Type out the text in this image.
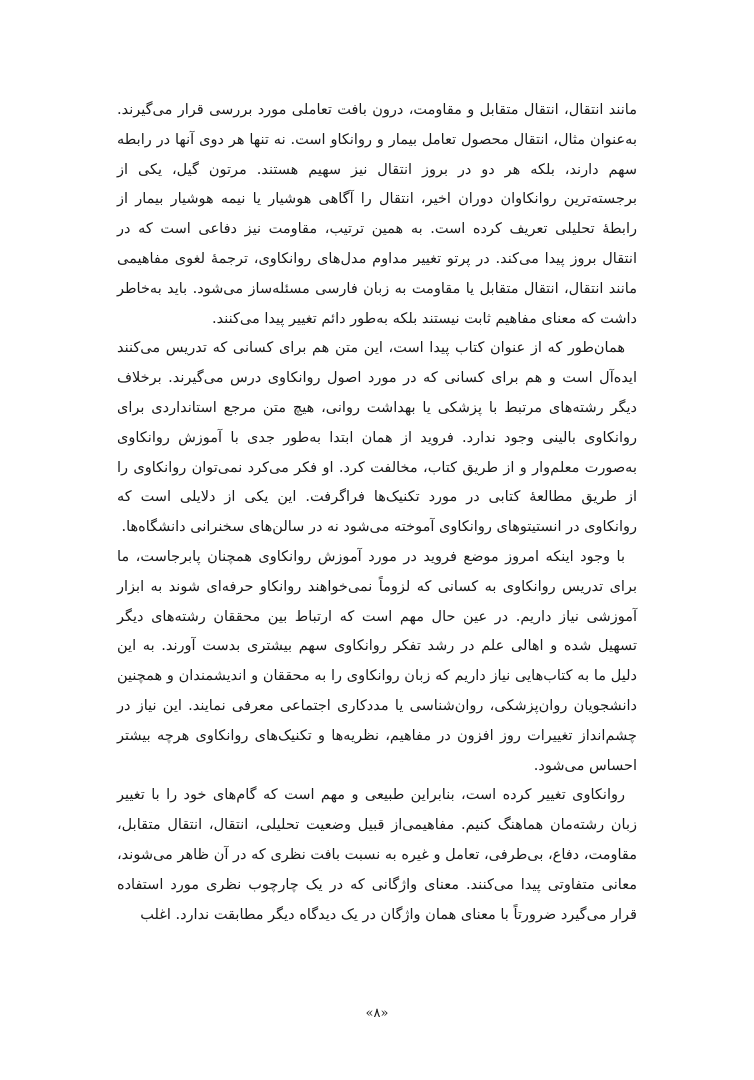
مانند انتقال، انتقال متقابل و مقاومت، درون بافت تعاملی مورد بررسی قرار می‌گیرند. به‌عنوان مثال، انتقال محصول تعامل بیمار و روانکاو است. نه تنها هر دوی آنها در رابطه سهم دارند، بلکه هر دو در بروز انتقال نیز سهیم هستند. مرتون گیل، یکی از برجسته‌ترین روانکاوان دوران اخیر، انتقال را آگاهی هوشیار یا نیمه هوشیار بیمار از رابطهٔ تحلیلی تعریف کرده است. به همین ترتیب، مقاومت نیز دفاعی است که در انتقال بروز پیدا می‌کند. در پرتو تغییر مداوم مدل‌های روانکاوی، ترجمهٔ لغوی مفاهیمی مانند انتقال، انتقال متقابل یا مقاومت به زبان فارسی مسئله‌ساز می‌شود. باید به‌خاطر داشت که معنای مفاهیم ثابت نیستند بلکه به‌طور دائم تغییر پیدا می‌کنند.

همان‌طور که از عنوان کتاب پیدا است، این متن هم برای کسانی که تدریس می‌کنند ایده‌آل است و هم برای کسانی که در مورد اصول روانکاوی درس می‌گیرند. برخلاف دیگر رشته‌های مرتبط با پزشکی یا بهداشت روانی، هیچ متن مرجع استانداردی برای روانکاوی بالینی وجود ندارد. فروید از همان ابتدا به‌طور جدی با آموزش روانکاوی به‌صورت معلم‌وار و از طریق کتاب، مخالفت کرد. او فکر می‌کرد نمی‌توان روانکاوی را از طریق مطالعهٔ کتابی در مورد تکنیک‌ها فراگرفت. این یکی از دلایلی است که روانکاوی در انستیتوهای روانکاوی آموخته می‌شود نه در سالن‌های سخنرانی دانشگاه‌ها.

با وجود اینکه امروز موضع فروید در مورد آموزش روانکاوی همچنان پابرجاست، ما برای تدریس روانکاوی به کسانی که لزوماً نمی‌خواهند روانکاو حرفه‌ای شوند به ابزار آموزشی نیاز داریم. در عین حال مهم است که ارتباط بین محققان رشته‌های دیگر تسهیل شده و اهالی علم در رشد تفکر روانکاوی سهم بیشتری بدست آورند. به این دلیل ما به کتاب‌هایی نیاز داریم که زبان روانکاوی را به محققان و اندیشمندان و همچنین دانشجویان روان‌پزشکی، روان‌شناسی یا مددکاری اجتماعی معرفی نمایند. این نیاز در چشم‌انداز تغییرات روز افزون در مفاهیم، نظریه‌ها و تکنیک‌های روانکاوی هرچه بیشتر احساس می‌شود.

روانکاوی تغییر کرده است، بنابراین طبیعی و مهم است که گام‌های خود را با تغییر زبان رشته‌مان هماهنگ کنیم. مفاهیمی‌از قبیل وضعیت تحلیلی، انتقال، انتقال متقابل، مقاومت، دفاع، بی‌طرفی، تعامل و غیره به نسبت بافت نظری که در آن ظاهر می‌شوند، معانی متفاوتی پیدا می‌کنند. معنای واژگانی که در یک چارچوب نظری مورد استفاده قرار می‌گیرد ضرورتاً با معنای همان واژگان در یک دیدگاه دیگر مطابقت ندارد. اغلب

«۸»
